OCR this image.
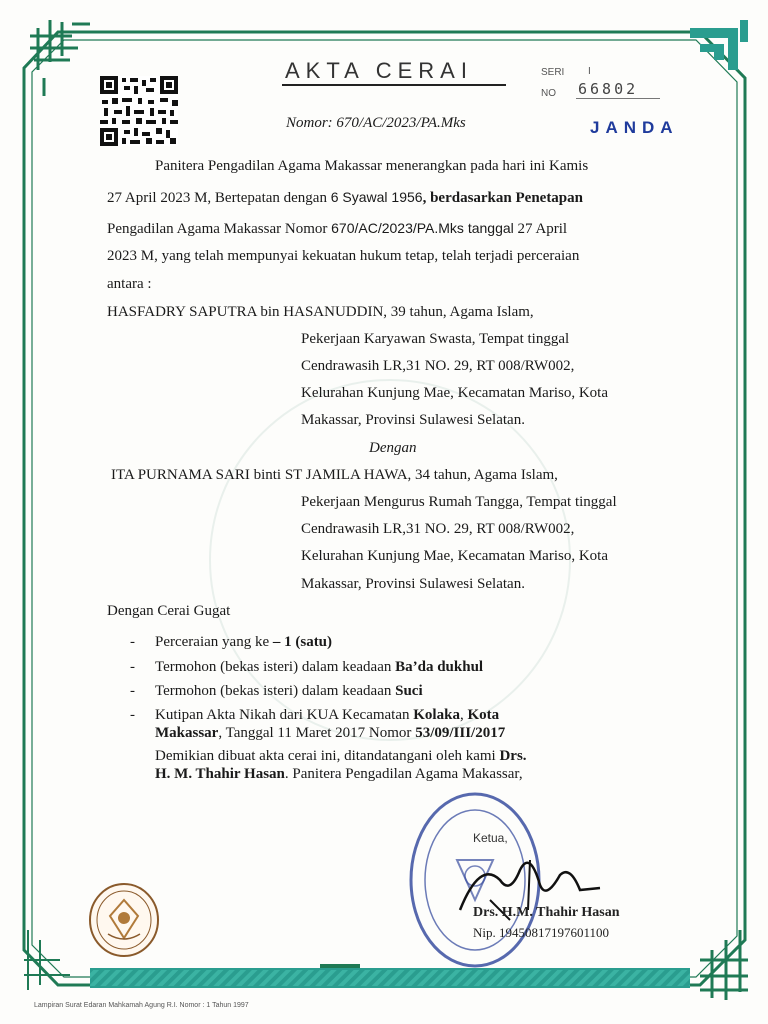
AKTA CERAI	SERI I
NO 66802
Nomor: 670/AC/2023/PA.Mks	JANDA
Panitera Pengadilan Agama Makassar menerangkan pada hari ini Kamis
27 April 2023 M, Bertepatan dengan 6 Syawal 1956, berdasarkan Penetapan
Pengadilan Agama Makassar Nomor 670/AC/2023/PA.Mks tanggal 27 April
2023 M, yang telah mempunyai kekuatan hukum tetap, telah terjadi perceraian
antara :
HASFADRY SAPUTRA bin HASANUDDIN, 39 tahun, Agama Islam,
Pekerjaan Karyawan Swasta, Tempat tinggal
Cendrawasih LR,31 NO. 29, RT 008/RW002,
Kelurahan Kunjung Mae, Kecamatan Mariso, Kota
Makassar, Provinsi Sulawesi Selatan.
Dengan
ITA PURNAMA SARI binti ST JAMILA HAWA, 34 tahun, Agama Islam,
Pekerjaan Mengurus Rumah Tangga, Tempat tinggal
Cendrawasih LR,31 NO. 29, RT 008/RW002,
Kelurahan Kunjung Mae, Kecamatan Mariso, Kota
Makassar, Provinsi Sulawesi Selatan.
Dengan Cerai Gugat
- Perceraian yang ke – 1 (satu)
- Termohon (bekas isteri) dalam keadaan Ba’da dukhul
- Termohon (bekas isteri) dalam keadaan Suci
- Kutipan Akta Nikah dari KUA Kecamatan Kolaka, Kota
Makassar, Tanggal 11 Maret 2017 Nomor 53/09/III/2017
Demikian dibuat akta cerai ini, ditandatangani oleh kami Drs.
H. M. Thahir Hasan. Panitera Pengadilan Agama Makassar,
Ketua,
Drs. H.M. Thahir Hasan
Nip. 19450817197601100
Lampiran Surat Edaran Mahkamah Agung R.I. Nomor : 1 Tahun 1997
